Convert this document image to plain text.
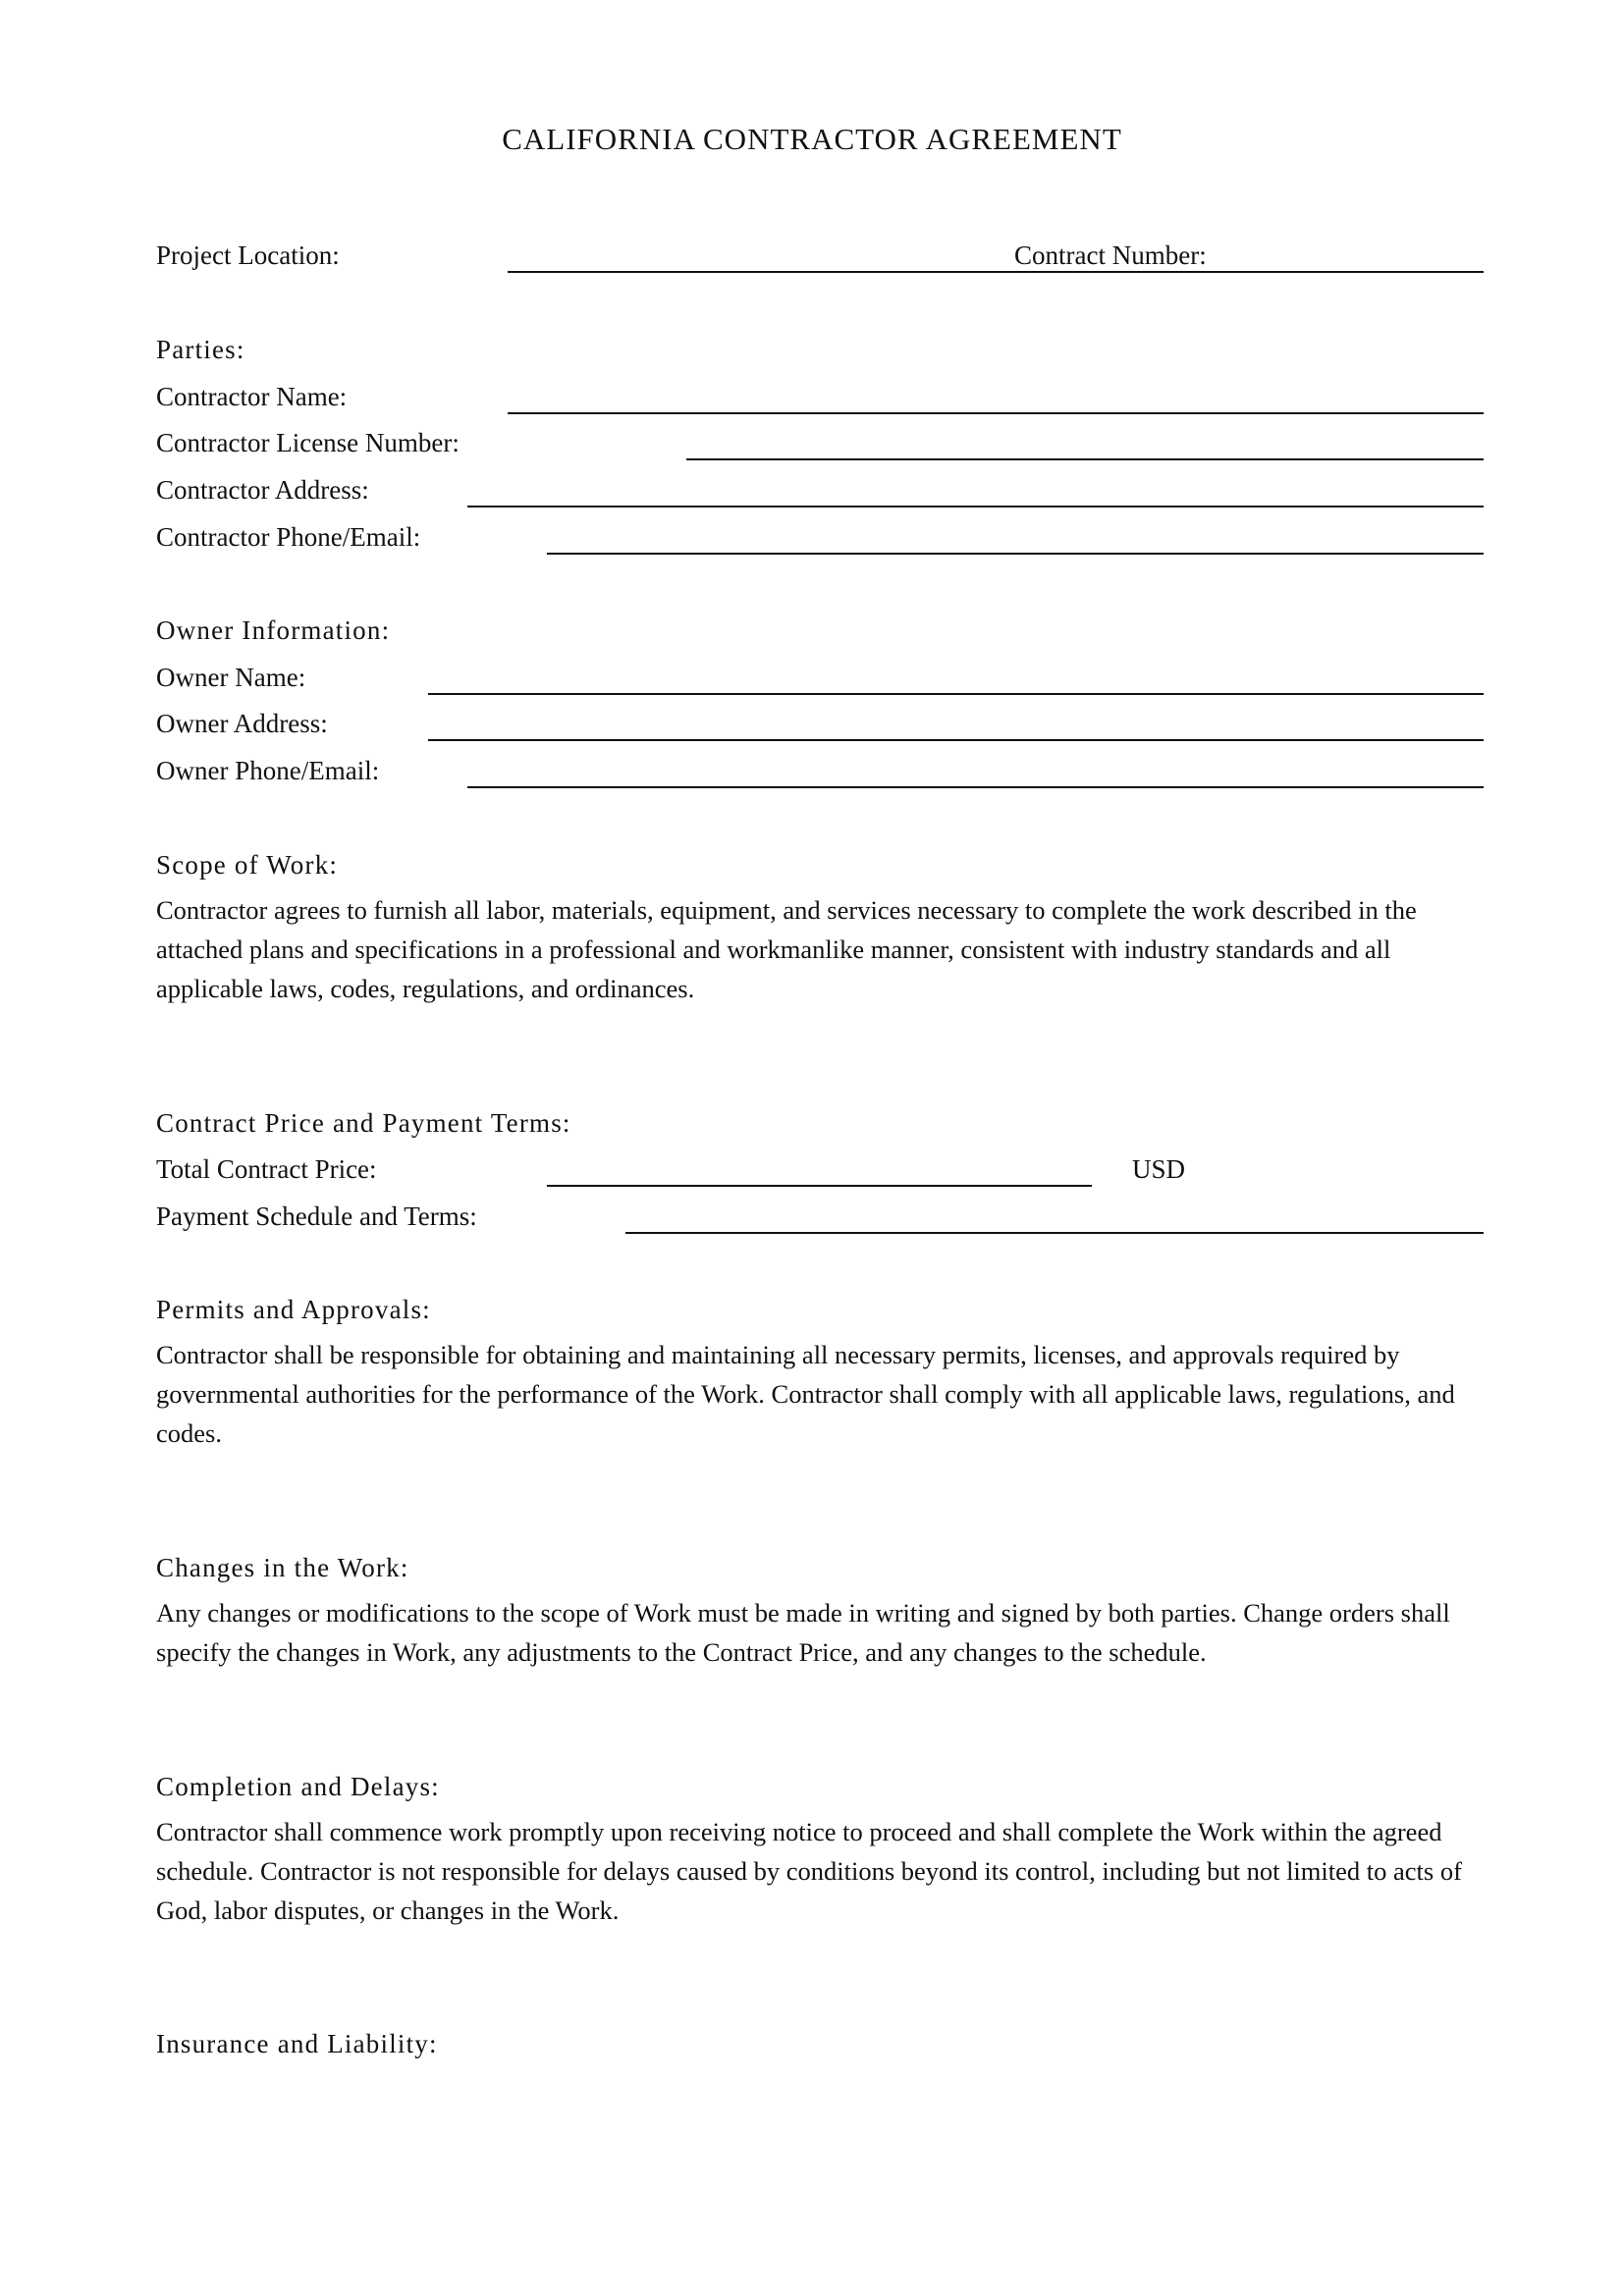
CALIFORNIA CONTRACTOR AGREEMENT
Project Location:	Contract Number:
Parties:
Contractor Name:
Contractor License Number:
Contractor Address:
Contractor Phone/Email:
Owner Information:
Owner Name:
Owner Address:
Owner Phone/Email:
Scope of Work:
Contractor agrees to furnish all labor, materials, equipment, and services necessary to complete the work described in the attached plans and specifications in a professional and workmanlike manner, consistent with industry standards and all applicable laws, codes, regulations, and ordinances.
Contract Price and Payment Terms:
Total Contract Price:	USD
Payment Schedule and Terms:
Permits and Approvals:
Contractor shall be responsible for obtaining and maintaining all necessary permits, licenses, and approvals required by governmental authorities for the performance of the Work. Contractor shall comply with all applicable laws, regulations, and codes.
Changes in the Work:
Any changes or modifications to the scope of Work must be made in writing and signed by both parties. Change orders shall specify the changes in Work, any adjustments to the Contract Price, and any changes to the schedule.
Completion and Delays:
Contractor shall commence work promptly upon receiving notice to proceed and shall complete the Work within the agreed schedule. Contractor is not responsible for delays caused by conditions beyond its control, including but not limited to acts of God, labor disputes, or changes in the Work.
Insurance and Liability:
